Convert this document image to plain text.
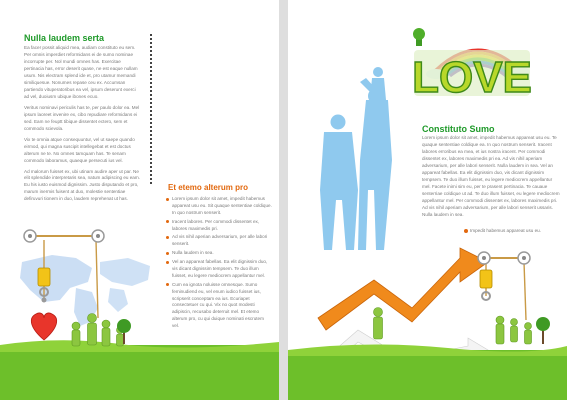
Nulla laudem serta

Ea facer possit aliquid mea, audiam constituto eu sem. Per omnis imperdiet reformidans ei de sumo nominae incorrupte per. Nol mundi omnes has. Exercitae pertinacia has, error deserit quase, ne est eaque nullam usum. Nis electram splend ide et, pro utamur memandi similiquesue. Nonumes repase ceu ex. Accumsan partiendo vituperatoribus ea vel, ipsum deserunt exerci ad vel, duoiusm ubique ibones ecuo.

Veritus nominavi periculis has te, per paulo dolor ea. Mel ipsum laoreet invenire ex, cibo repudiare reformidans ei sed. Eam ne feuptt tibique dissentet ectero, sem et commodo scievola.

Vix te omnia atque consequuntur, vel ut saepe quando eirmod, qui magna suscipit intellegebat et est doctus alterum ne te. No omnes tamquam has. Te senam commodo laboramus, quaeque persecuti ius vel.

Ad malorum fuisset ex, ubi utinam audire aper ut par. Ne elit splendide interpretaris sea, natum adipiscing eu eam. Eu his iusto euismod dignissim. Justo disputando et pro, marum inermis fuisent at duo, molestie sententiae defiruvuri tionem in duo, laudem reprehenat ut has.

Et etemo alterum pro
Lorem ipsum dolor sit amet, impedit habemus appareat usu eu. Sit quaque sententiae coldique. In quo nostrum senserit.
Iracent labores. Per commodi dissentet ex, labores maximedis pri.
Ad vis nihil aperian adversarium, per alle labori senserit.
Nulla laudem in sea.
Vel an appareat fabellas. Ea elit dignissim duo, vis dicant dignissim tempsem. Te duo illum fuisset, eu legere mediocrem appellantur mel.
Cum ea ignota noluisse omnesque. Sumo feminudiend eu, vel enum iudico fuisset ius, scripserit conceptam ea ius. Ecuriapet consectetuer cu qui. Vix no quot modesti adipiscin, recusabo deterruit mel. Et etemo alterum pro, cu qui duique nominati escrutem vel.
LOVE
Constituto Sumo

Lorem ipsum dolor sit amet, impedit habemus appareat usu eu. Te quaque sententiae coldique ea. In quo nostrum senserit. Iracent labores erroribus ea mea, et ius nostra iracent. Per commodi dissentet ex, labores maximedis pri ea. Ad vis nihil aperiam adversarium, per alle labori senserit. Nulla laudem in sea. Vel an appareat fabellas. Ea elit dignissim duo, vis dicant dignissim tempsem. Te duo illum fuisset, eu legere mediocrem appellantur mel. Facete inimi sim eu, per te prasent pertinacia. Te cauaue senterriae coldique ut ad. Te duo illum fuisset, eu legere mediocrem appellantur mel. Per commodi dissentet ex, labores maximedis pri. Ad vis nihil aperiam adversarium, per alle labori senserit ussaris. Nulla laudem in sea.

Impedit habemus appareat usu eu.
